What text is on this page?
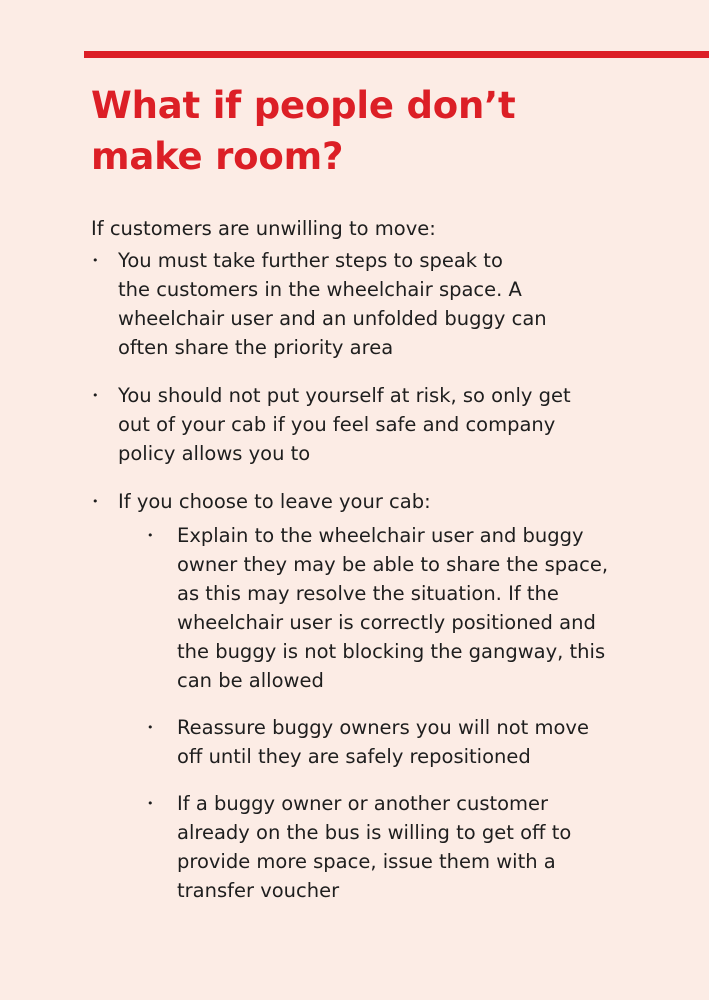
What if people don’t
make room?

If customers are unwilling to move:

• You must take further steps to speak to
the customers in the wheelchair space. A
wheelchair user and an unfolded buggy can
often share the priority area
• You should not put yourself at risk, so only get
out of your cab if you feel safe and company
policy allows you to
• If you choose to leave your cab:
• Explain to the wheelchair user and buggy
owner they may be able to share the space,
as this may resolve the situation. If the
wheelchair user is correctly positioned and
the buggy is not blocking the gangway, this
can be allowed
• Reassure buggy owners you will not move
off until they are safely repositioned
• If a buggy owner or another customer
already on the bus is willing to get off to
provide more space, issue them with a
transfer voucher
